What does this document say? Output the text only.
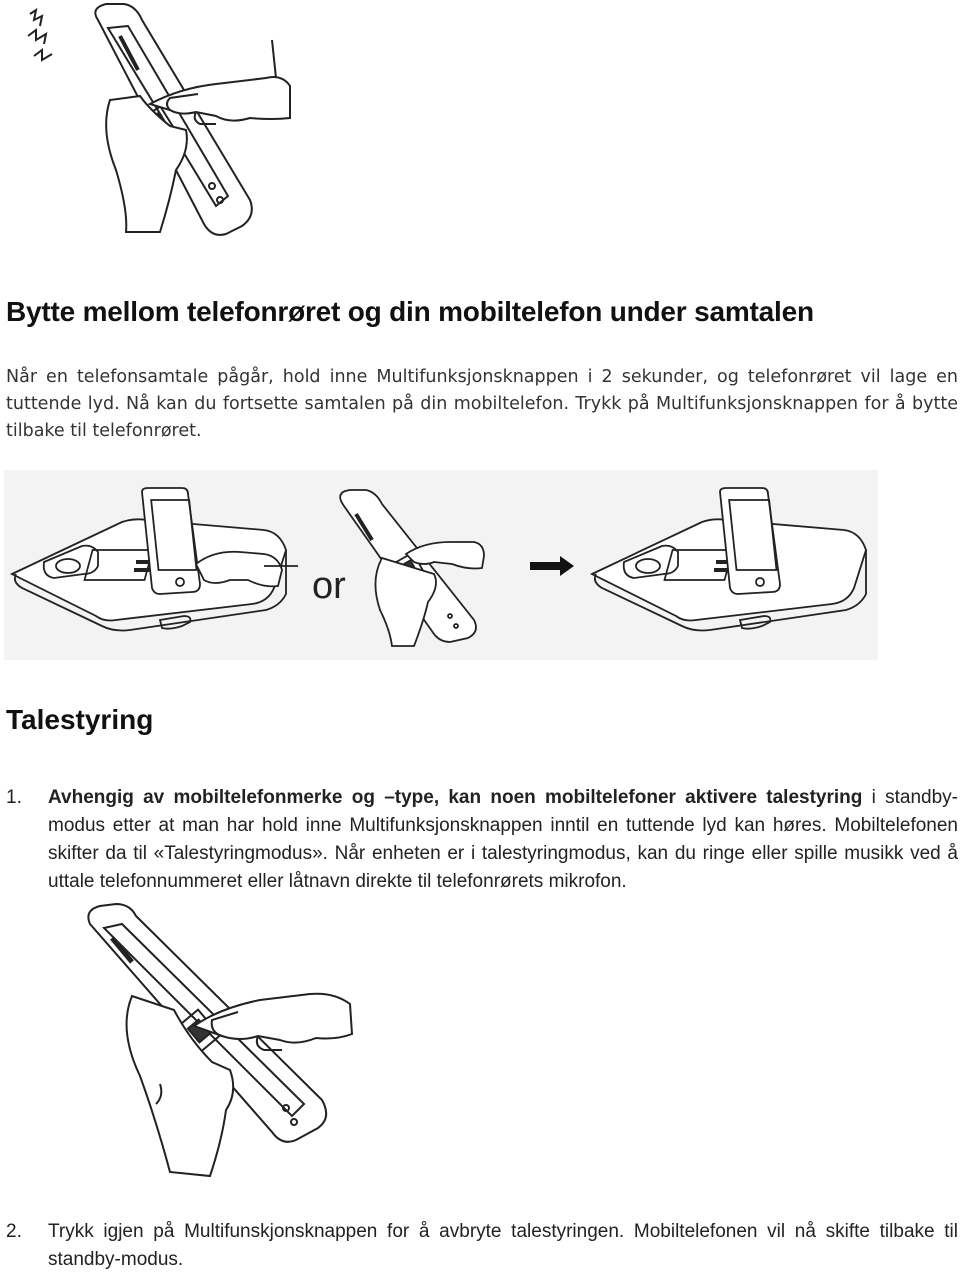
Bytte mellom telefonrøret og din mobiltelefon under samtalen
Når en telefonsamtale pågår, hold inne Multifunksjonsknappen i 2 sekunder, og telefonrøret vil lage en tuttende lyd. Nå kan du fortsette samtalen på din mobiltelefon. Trykk på Multifunksjonsknappen for å bytte tilbake til telefonrøret.
or
Talestyring
1. Avhengig av mobiltelefonmerke og –type, kan noen mobiltelefoner aktivere talestyring i standby-modus etter at man har hold inne Multifunksjonsknappen inntil en tuttende lyd kan høres. Mobiltelefonen skifter da til «Talestyringmodus». Når enheten er i talestyringmodus, kan du ringe eller spille musikk ved å uttale telefonnummeret eller låtnavn direkte til telefonrørets mikrofon.
2. Trykk igjen på Multifunskjonsknappen for å avbryte talestyringen. Mobiltelefonen vil nå skifte tilbake til standby-modus.
